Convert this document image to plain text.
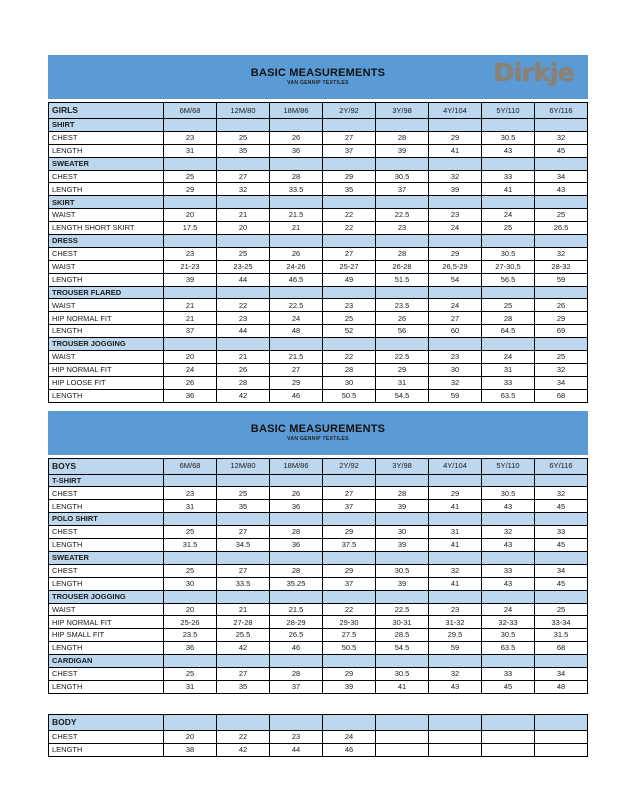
BASIC MEASUREMENTS
VAN GENNIP TEXTILES	Dirkje
GIRLS	6M/68	12M/80	18M/86	2Y/92	3Y/98	4Y/104	5Y/110	6Y/116
SHIRT								
CHEST	23	25	26	27	28	29	30.5	32
LENGTH	31	35	36	37	39	41	43	45
SWEATER								
CHEST	25	27	28	29	30.5	32	33	34
LENGTH	29	32	33.5	35	37	39	41	43
SKIRT								
WAIST	20	21	21.5	22	22.5	23	24	25
LENGTH SHORT SKIRT	17.5	20	21	22	23	24	25	26.5
DRESS								
CHEST	23	25	26	27	28	29	30.5	32
WAIST	21-23	23-25	24-26	25-27	26-28	26,5-29	27-30,5	28-32
LENGTH	39	44	46.5	49	51.5	54	56.5	59
TROUSER FLARED								
WAIST	21	22	22.5	23	23.5	24	25	26
HIP NORMAL FIT	21	23	24	25	26	27	28	29
LENGTH	37	44	48	52	56	60	64.5	69
TROUSER JOGGING								
WAIST	20	21	21.5	22	22.5	23	24	25
HIP NORMAL FIT	24	26	27	28	29	30	31	32
HIP LOOSE FIT	26	28	29	30	31	32	33	34
LENGTH	36	42	46	50.5	54.5	59	63.5	68
BASIC MEASUREMENTS
VAN GENNIP TEXTILES
BOYS	6M/68	12M/80	18M/86	2Y/92	3Y/98	4Y/104	5Y/110	6Y/116
T-SHIRT								
CHEST	23	25	26	27	28	29	30.5	32
LENGTH	31	35	36	37	39	41	43	45
POLO SHIRT								
CHEST	25	27	28	29	30	31	32	33
LENGTH	31.5	34.5	36	37.5	39	41	43	45
SWEATER								
CHEST	25	27	28	29	30.5	32	33	34
LENGTH	30	33.5	35.25	37	39	41	43	45
TROUSER JOGGING								
WAIST	20	21	21.5	22	22.5	23	24	25
HIP NORMAL FIT	25-26	27-28	28-29	29-30	30-31	31-32	32-33	33-34
HIP SMALL FIT	23.5	25.5	26.5	27.5	28.5	29.5	30.5	31.5
LENGTH	36	42	46	50.5	54.5	59	63.5	68
CARDIGAN								
CHEST	25	27	28	29	30.5	32	33	34
LENGTH	31	35	37	39	41	43	45	48
BODY								
CHEST	20	22	23	24				
LENGTH	38	42	44	46				
